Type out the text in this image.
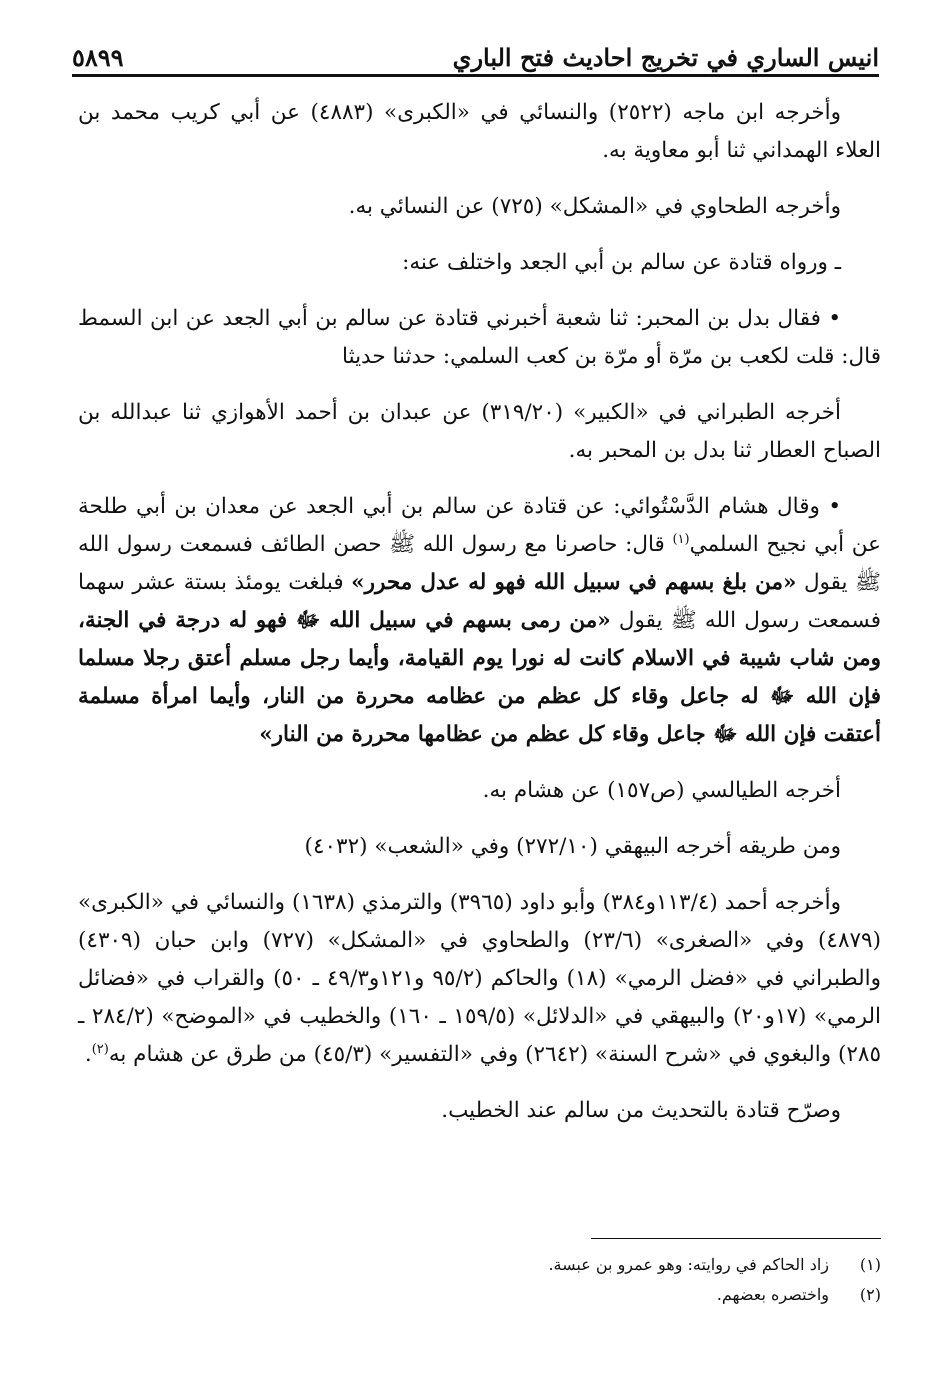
انيس الساري في تخريج احاديث فتح الباري
٥٨٩٩

وأخرجه ابن ماجه (٢٥٢٢) والنسائي في «الكبرى» (٤٨٨٣) عن أبي كريب محمد بن العلاء الهمداني ثنا أبو معاوية به.

وأخرجه الطحاوي في «المشكل» (٧٢٥) عن النسائي به.

ـ ورواه قتادة عن سالم بن أبي الجعد واختلف عنه:

• فقال بدل بن المحبر: ثنا شعبة أخبرني قتادة عن سالم بن أبي الجعد عن ابن السمط قال: قلت لكعب بن مرّة أو مرّة بن كعب السلمي: حدثنا حديثا

أخرجه الطبراني في «الكبير» (٣١٩/٢٠) عن عبدان بن أحمد الأهوازي ثنا عبدالله بن الصباح العطار ثنا بدل بن المحبر به.

• وقال هشام الدَّسْتُوائي: عن قتادة عن سالم بن أبي الجعد عن معدان بن أبي طلحة عن أبي نجيح السلمي$^{(١)}$ قال: حاصرنا مع رسول الله ﷺ حصن الطائف فسمعت رسول الله ﷺ يقول «من بلغ بسهم في سبيل الله فهو له عدل محرر» فبلغت يومئذ بستة عشر سهما فسمعت رسول الله ﷺ يقول «من رمى بسهم في سبيل الله ﷻ فهو له درجة في الجنة، ومن شاب شيبة في الاسلام كانت له نورا يوم القيامة، وأيما رجل مسلم أعتق رجلا مسلما فإن الله ﷻ له جاعل وقاء كل عظم من عظامه محررة من النار، وأيما امرأة مسلمة أعتقت فإن الله ﷻ جاعل وقاء كل عظم من عظامها محررة من النار»

أخرجه الطيالسي (ص١٥٧) عن هشام به.

ومن طريقه أخرجه البيهقي (٢٧٢/١٠) وفي «الشعب» (٤٠٣٢)

وأخرجه أحمد (١١٣/٤و٣٨٤) وأبو داود (٣٩٦٥) والترمذي (١٦٣٨) والنسائي في «الكبرى» (٤٨٧٩) وفي «الصغرى» (٢٣/٦) والطحاوي في «المشكل» (٧٢٧) وابن حبان (٤٣٠٩) والطبراني في «فضل الرمي» (١٨) والحاكم (٩٥/٢ و١٢١و٤٩/٣ ـ ٥٠) والقراب في «فضائل الرمي» (١٧و٢٠) والبيهقي في «الدلائل» (١٥٩/٥ ـ ١٦٠) والخطيب في «الموضح» (٢٨٤/٢ ـ ٢٨٥) والبغوي في «شرح السنة» (٢٦٤٢) وفي «التفسير» (٤٥/٣) من طرق عن هشام به$^{(٢)}$.

وصرّح قتادة بالتحديث من سالم عند الخطيب.

(١)
زاد الحاكم في روايته: وهو عمرو بن عبسة.
(٢)
واختصره بعضهم.
